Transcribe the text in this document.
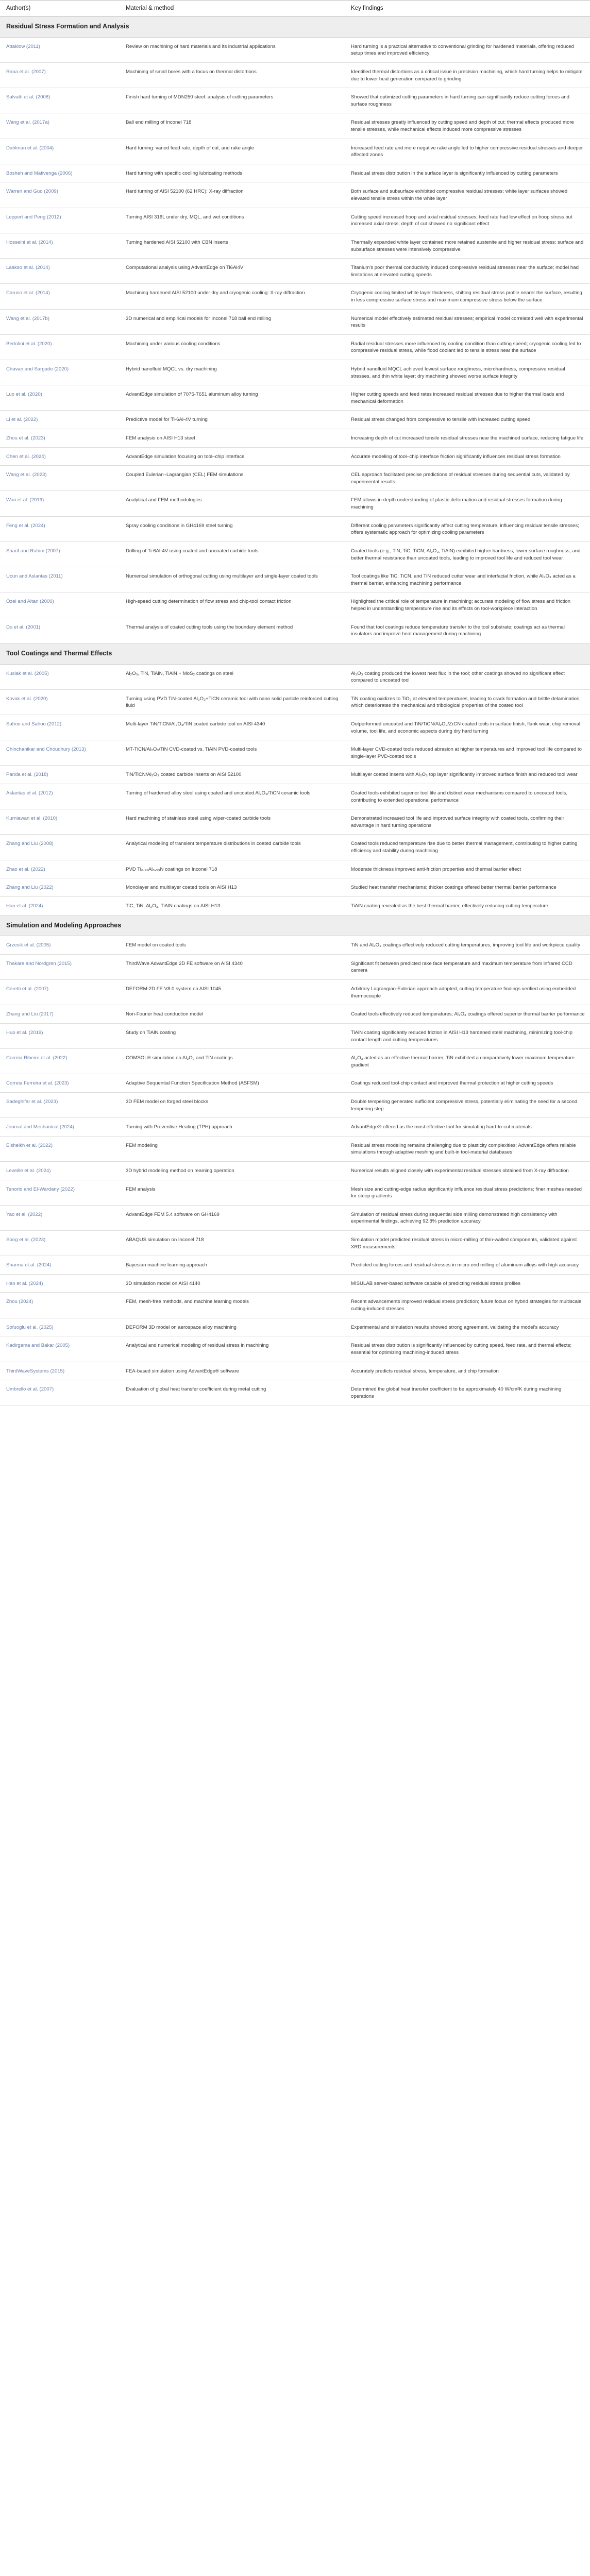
Author(s)	Material & method	Key findings
Residual Stress Formation and Analysis		
Attaklow (2011)	Review on machining of hard materials and its industrial applications	Hard turning is a practical alternative to conventional grinding for hardened materials, offering reduced setup times and improved efficiency
Rana et al. (2007)	Machining of small bores with a focus on thermal distortions	Identified thermal distortions as a critical issue in precision machining, which hard turning helps to mitigate due to lower heat generation compared to grinding
Salvatti et al. (2008)	Finish hard turning of MDN250 steel: analysis of cutting parameters	Showed that optimized cutting parameters in hard turning can significantly reduce cutting forces and surface roughness
Wang et al. (2017a)	Ball end milling of Inconel 718	Residual stresses greatly influenced by cutting speed and depth of cut; thermal effects produced more tensile stresses, while mechanical effects induced more compressive stresses
Dahlman et al. (2004)	Hard turning: varied feed rate, depth of cut, and rake angle	Increased feed rate and more negative rake angle led to higher compressive residual stresses and deeper affected zones
Bosheh and Mativenga (2006)	Hard turning with specific cooling lubricating methods	Residual stress distribution in the surface layer is significantly influenced by cutting parameters
Warren and Guo (2009)	Hard turning of AISI 52100 (62 HRC): X-ray diffraction	Both surface and subsurface exhibited compressive residual stresses; white layer surfaces showed elevated tensile stress within the white layer
Leppert and Peng (2012)	Turning AISI 316L under dry, MQL, and wet conditions	Cutting speed increased hoop and axial residual stresses; feed rate had low effect on hoop stress but increased axial stress; depth of cut showed no significant effect
Hosseini et al. (2014)	Turning hardened AISI 52100 with CBN inserts	Thermally expanded white layer contained more retained austenite and higher residual stress; surface and subsurface stresses were intensively compressive
Laakso et al. (2014)	Computational analysis using AdvantEdge on Ti6Al4V	Titanium's poor thermal conductivity induced compressive residual stresses near the surface; model had limitations at elevated cutting speeds
Caruso et al. (2014)	Machining hardened AISI 52100 under dry and cryogenic cooling: X-ray diffraction	Cryogenic cooling limited white layer thickness, shifting residual stress profile nearer the surface, resulting in less compressive surface stress and maximum compressive stress below the surface
Wang et al. (2017b)	3D numerical and empirical models for Inconel 718 ball end milling	Numerical model effectively estimated residual stresses; empirical model correlated well with experimental results
Bertolini et al. (2020)	Machining under various cooling conditions	Radial residual stresses more influenced by cooling condition than cutting speed; cryogenic cooling led to compressive residual stress, while flood coolant led to tensile stress near the surface
Chavan and Sargade (2020)	Hybrid nanofluid MQCL vs. dry machining	Hybrid nanofluid MQCL achieved lowest surface roughness, microhardness, compressive residual stresses, and thin white layer; dry machining showed worse surface integrity
Luo et al. (2020)	AdvantEdge simulation of 7075-T651 aluminum alloy turning	Higher cutting speeds and feed rates increased residual stresses due to higher thermal loads and mechanical deformation
Li et al. (2022)	Predictive model for Ti-6Al-4V turning	Residual stress changed from compressive to tensile with increased cutting speed
Zhou et al. (2023)	FEM analysis on AISI H13 steel	Increasing depth of cut increased tensile residual stresses near the machined surface, reducing fatigue life
Chen et al. (2024)	AdvantEdge simulation focusing on tool–chip interface	Accurate modeling of tool–chip interface friction significantly influences residual stress formation
Wang et al. (2023)	Coupled Eulerian–Lagrangian (CEL) FEM simulations	CEL approach facilitated precise predictions of residual stresses during sequential cuts, validated by experimental results
Wan et al. (2019)	Analytical and FEM methodologies	FEM allows in-depth understanding of plastic deformation and residual stresses formation during machining
Feng et al. (2024)	Spray cooling conditions in GH4169 steel turning	Different cooling parameters significantly affect cutting temperature, influencing residual tensile stresses; offers systematic approach for optimizing cooling parameters
Sharif and Rahim (2007)	Drilling of Ti-6Al-4V using coated and uncoated carbide tools	Coated tools (e.g., TiN, TiC, TiCN, Al₂O₃, TiAlN) exhibited higher hardness, lower surface roughness, and better thermal resistance than uncoated tools, leading to improved tool life and reduced tool wear
Ucun and Aslantas (2011)	Numerical simulation of orthogonal cutting using multilayer and single-layer coated tools	Tool coatings like TiC, TiCN, and TiN reduced cutter wear and interfacial friction, while Al₂O₃ acted as a thermal barrier, enhancing machining performance
Özel and Altan (2000)	High-speed cutting determination of flow stress and chip-tool contact friction	Highlighted the critical role of temperature in machining; accurate modeling of flow stress and friction helped in understanding temperature rise and its effects on tool-workpiece interaction
Du et al. (2001)	Thermal analysis of coated cutting tools using the boundary element method	Found that tool coatings reduce temperature transfer to the tool substrate; coatings act as thermal insulators and improve heat management during machining
Tool Coatings and Thermal Effects		
Kusiak et al. (2005)	Al₂O₃, TiN, TiAlN, TiAlN + MoS₂ coatings on steel	Al₂O₃ coating produced the lowest heat flux in the tool; other coatings showed no significant effect compared to uncoated tool
Kovak et al. (2020)	Turning using PVD TiN-coated Al₂O₃+TiCN ceramic tool with nano solid particle reinforced cutting fluid	TiN coating oxidizes to TiO₂ at elevated temperatures, leading to crack formation and brittle delamination, which deteriorates the mechanical and tribological properties of the coated tool
Sahoo and Sahoo (2012)	Multi-layer TiN/TiCN/Al₂O₃/TiN coated carbide tool on AISI 4340	Outperformed uncoated and TiN/TiCN/Al₂O₃/ZrCN coated tools in surface finish, flank wear, chip removal volume, tool life, and economic aspects during dry hard turning
Chinchanikar and Choudhury (2013)	MT-TiCN/Al₂O₃/TiN CVD-coated vs. TiAlN PVD-coated tools	Multi-layer CVD-coated tools reduced abrasion at higher temperatures and improved tool life compared to single-layer PVD-coated tools
Panda et al. (2018)	TiN/TiCN/Al₂O₃ coated carbide inserts on AISI 52100	Multilayer coated inserts with Al₂O₃ top layer significantly improved surface finish and reduced tool wear
Aslantas et al. (2012)	Turning of hardened alloy steel using coated and uncoated Al₂O₃/TiCN ceramic tools	Coated tools exhibited superior tool life and distinct wear mechanisms compared to uncoated tools, contributing to extended operational performance
Kurniawan et al. (2010)	Hard machining of stainless steel using wiper-coated carbide tools	Demonstrated increased tool life and improved surface integrity with coated tools, confirming their advantage in hard turning operations
Zhang and Liu (2008)	Analytical modeling of transient temperature distributions in coated carbide tools	Coated tools reduced temperature rise due to better thermal management, contributing to higher cutting efficiency and stability during machining
Zhao et al. (2022)	PVD Ti₀.₄₁Al₀.₅₉N coatings on Inconel 718	Moderate thickness improved anti-friction properties and thermal barrier effect
Zhang and Liu (2022)	Monolayer and multilayer coated tools on AISI H13	Studied heat transfer mechanisms; thicker coatings offered better thermal barrier performance
Hao et al. (2024)	TiC, TiN, Al₂O₃, TiAlN coatings on AISI H13	TiAlN coating revealed as the best thermal barrier, effectively reducing cutting temperature
Simulation and Modeling Approaches		
Grzesik et al. (2005)	FEM model on coated tools	TiN and Al₂O₃ coatings effectively reduced cutting temperatures, improving tool life and workpiece quality
Thakare and Nordgren (2015)	ThirdWave AdvantEdge 2D FE software on AISI 4340	Significant fit between predicted rake face temperature and maximum temperature from infrared CCD camera
Ceretti et al. (2007)	DEFORM-2D FE V8.0 system on AISI 1045	Arbitrary Lagrangian-Eulerian approach adopted, cutting temperature findings verified using embedded thermocouple
Zhang and Liu (2017)	Non-Fourier heat conduction model	Coated tools effectively reduced temperatures; Al₂O₃ coatings offered superior thermal barrier performance
Huo et al. (2019)	Study on TiAlN coating	TiAlN coating significantly reduced friction in AISI H13 hardened steel machining, minimizing tool-chip contact length and cutting temperatures
Correia Ribeiro et al. (2022)	COMSOL® simulation on Al₂O₃ and TiN coatings	Al₂O₃ acted as an effective thermal barrier; TiN exhibited a comparatively lower maximum temperature gradient
Correia Ferreira et al. (2023)	Adaptive Sequential Function Specification Method (ASFSM)	Coatings reduced tool-chip contact and improved thermal protection at higher cutting speeds
Sadeghifar et al. (2023)	3D FEM model on forged steel blocks	Double tempering generated sufficient compressive stress, potentially eliminating the need for a second tempering step
Journal and Mechanical (2024)	Turning with Preventive Heating (TPH) approach	AdvantEdge® offered as the most effective tool for simulating hard-to-cut materials
Elsheikh et al. (2022)	FEM modeling	Residual stress modeling remains challenging due to plasticity complexities; AdvantEdge offers reliable simulations through adaptive meshing and built-in tool-material databases
Leveille et al. (2024)	3D hybrid modeling method on reaming operation	Numerical results aligned closely with experimental residual stresses obtained from X-ray diffraction
Tenorio and El-Wardany (2022)	FEM analysis	Mesh size and cutting-edge radius significantly influence residual stress predictions; finer meshes needed for steep gradients
Yao et al. (2022)	AdvantEdge FEM 5.4 software on GH4169	Simulation of residual stress during sequential side milling demonstrated high consistency with experimental findings, achieving 92.8% prediction accuracy
Song et al. (2023)	ABAQUS simulation on Inconel 718	Simulation model predicted residual stress in micro-milling of thin-walled components, validated against XRD measurements
Sharma et al. (2024)	Bayesian machine learning approach	Predicted cutting forces and residual stresses in micro end milling of aluminum alloys with high accuracy
Han et al. (2024)	3D simulation model on AISI 4140	MISULAB server-based software capable of predicting residual stress profiles
Zhou (2024)	FEM, mesh-free methods, and machine learning models	Recent advancements improved residual stress prediction; future focus on hybrid strategies for multiscale cutting-induced stresses
Sofuoglu et al. (2025)	DEFORM 3D model on aerospace alloy machining	Experimental and simulation results showed strong agreement, validating the model's accuracy
Kadirgama and Bakar (2005)	Analytical and numerical modeling of residual stress in machining	Residual stress distribution is significantly influenced by cutting speed, feed rate, and thermal effects; essential for optimizing machining-induced stress
ThirdWaveSystems (2015)	FEA-based simulation using AdvantEdge® software	Accurately predicts residual stress, temperature, and chip formation
Umbrello et al. (2007)	Evaluation of global heat transfer coefficient during metal cutting	Determined the global heat transfer coefficient to be approximately 40 W/cm²K during machining operations
